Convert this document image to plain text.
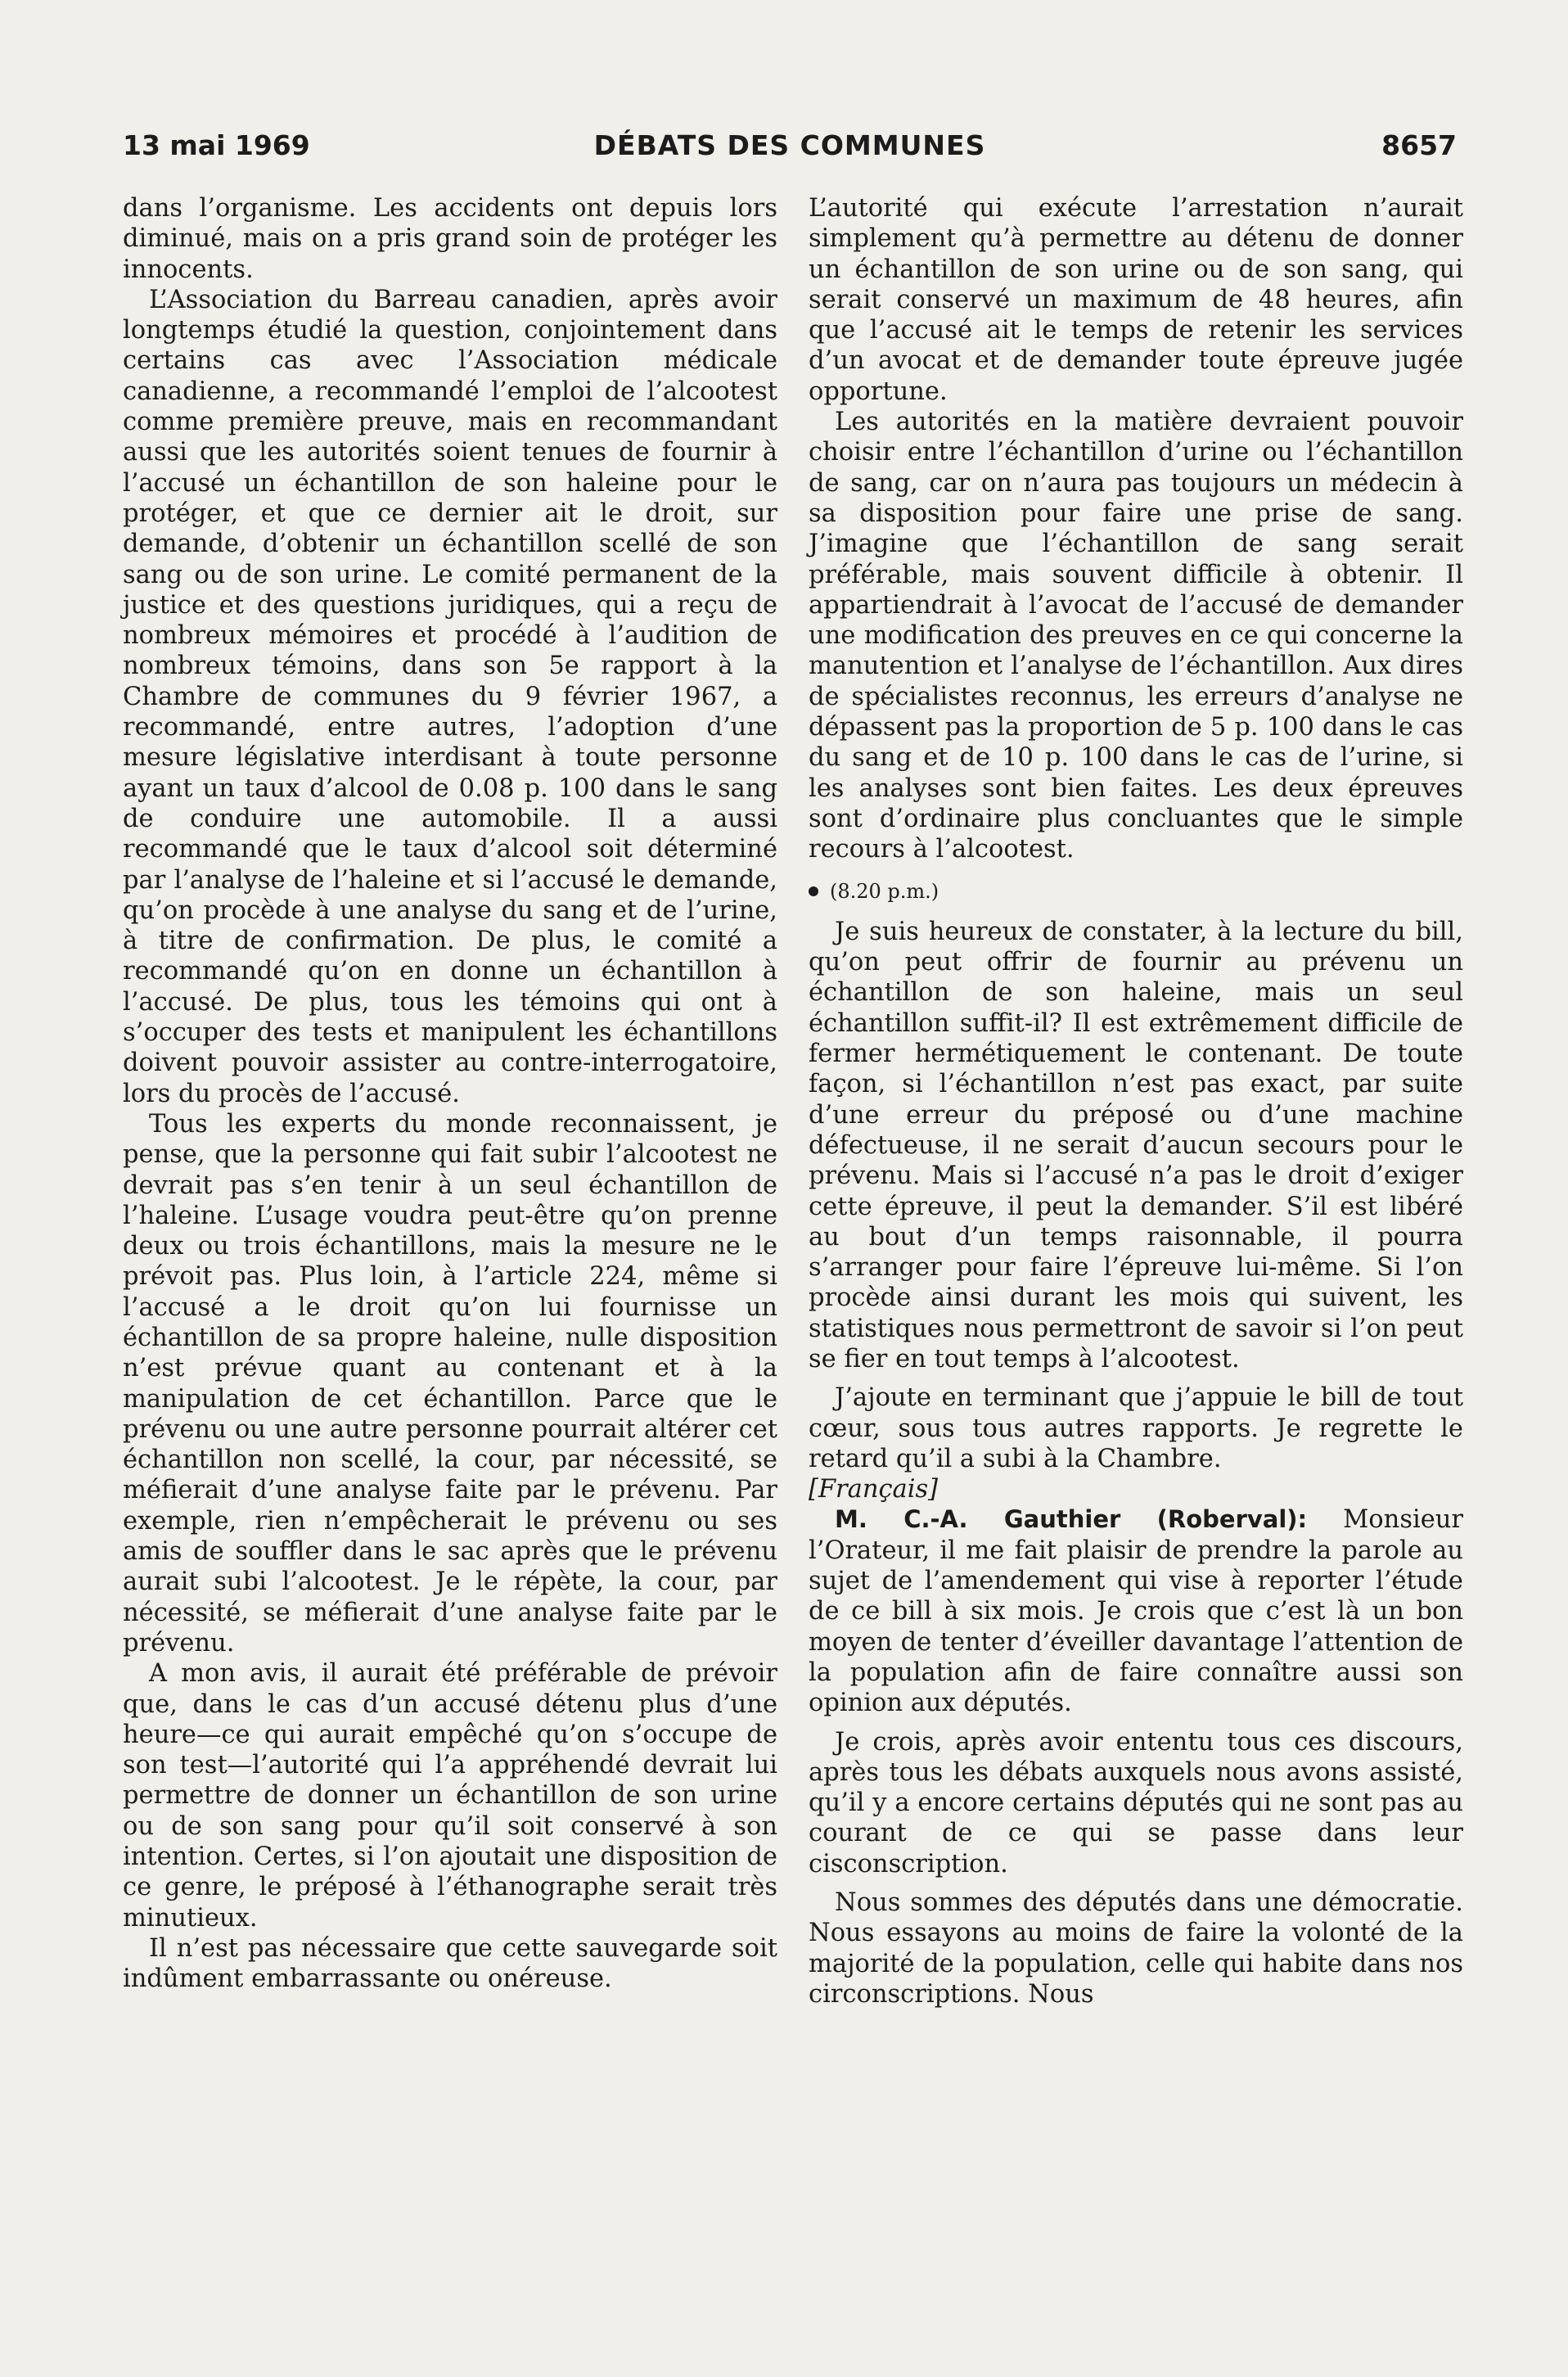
13 mai 1969	DÉBATS DES COMMUNES	8657

dans l’organisme. Les accidents ont depuis lors diminué, mais on a pris grand soin de protéger les innocents.

L’Association du Barreau canadien, après avoir longtemps étudié la question, conjointement dans certains cas avec l’Association médicale canadienne, a recommandé l’emploi de l’alcootest comme première preuve, mais en recommandant aussi que les autorités soient tenues de fournir à l’accusé un échantillon de son haleine pour le protéger, et que ce dernier ait le droit, sur demande, d’obtenir un échantillon scellé de son sang ou de son urine. Le comité permanent de la justice et des questions juridiques, qui a reçu de nombreux mémoires et procédé à l’audition de nombreux témoins, dans son 5e rapport à la Chambre de communes du 9 février 1967, a recommandé, entre autres, l’adoption d’une mesure législative interdisant à toute personne ayant un taux d’alcool de 0.08 p. 100 dans le sang de conduire une automobile. Il a aussi recommandé que le taux d’alcool soit déterminé par l’analyse de l’haleine et si l’accusé le demande, qu’on procède à une analyse du sang et de l’urine, à titre de confirmation. De plus, le comité a recommandé qu’on en donne un échantillon à l’accusé. De plus, tous les témoins qui ont à s’occuper des tests et manipulent les échantillons doivent pouvoir assister au contre-interrogatoire, lors du procès de l’accusé.

Tous les experts du monde reconnaissent, je pense, que la personne qui fait subir l’alcootest ne devrait pas s’en tenir à un seul échantillon de l’haleine. L’usage voudra peut-être qu’on prenne deux ou trois échantillons, mais la mesure ne le prévoit pas. Plus loin, à l’article 224, même si l’accusé a le droit qu’on lui fournisse un échantillon de sa propre haleine, nulle disposition n’est prévue quant au contenant et à la manipulation de cet échantillon. Parce que le prévenu ou une autre personne pourrait altérer cet échantillon non scellé, la cour, par nécessité, se méfierait d’une analyse faite par le prévenu. Par exemple, rien n’empêcherait le prévenu ou ses amis de souffler dans le sac après que le prévenu aurait subi l’alcootest. Je le répète, la cour, par nécessité, se méfierait d’une analyse faite par le prévenu.

A mon avis, il aurait été préférable de prévoir que, dans le cas d’un accusé détenu plus d’une heure—ce qui aurait empêché qu’on s’occupe de son test—l’autorité qui l’a appréhendé devrait lui permettre de donner un échantillon de son urine ou de son sang pour qu’il soit conservé à son intention. Certes, si l’on ajoutait une disposition de ce genre, le préposé à l’éthanographe serait très minutieux.

Il n’est pas nécessaire que cette sauvegarde soit indûment embarrassante ou onéreuse.

L’autorité qui exécute l’arrestation n’aurait simplement qu’à permettre au détenu de donner un échantillon de son urine ou de son sang, qui serait conservé un maximum de 48 heures, afin que l’accusé ait le temps de retenir les services d’un avocat et de demander toute épreuve jugée opportune.

Les autorités en la matière devraient pouvoir choisir entre l’échantillon d’urine ou l’échantillon de sang, car on n’aura pas toujours un médecin à sa disposition pour faire une prise de sang. J’imagine que l’échantillon de sang serait préférable, mais souvent difficile à obtenir. Il appartiendrait à l’avocat de l’accusé de demander une modification des preuves en ce qui concerne la manutention et l’analyse de l’échantillon. Aux dires de spécialistes reconnus, les erreurs d’analyse ne dépassent pas la proportion de 5 p. 100 dans le cas du sang et de 10 p. 100 dans le cas de l’urine, si les analyses sont bien faites. Les deux épreuves sont d’ordinaire plus concluantes que le simple recours à l’alcootest.

(8.20 p.m.)

Je suis heureux de constater, à la lecture du bill, qu’on peut offrir de fournir au prévenu un échantillon de son haleine, mais un seul échantillon suffit-il? Il est extrêmement difficile de fermer hermétiquement le contenant. De toute façon, si l’échantillon n’est pas exact, par suite d’une erreur du préposé ou d’une machine défectueuse, il ne serait d’aucun secours pour le prévenu. Mais si l’accusé n’a pas le droit d’exiger cette épreuve, il peut la demander. S’il est libéré au bout d’un temps raisonnable, il pourra s’arranger pour faire l’épreuve lui-même. Si l’on procède ainsi durant les mois qui suivent, les statistiques nous permettront de savoir si l’on peut se fier en tout temps à l’alcootest.

J’ajoute en terminant que j’appuie le bill de tout cœur, sous tous autres rapports. Je regrette le retard qu’il a subi à la Chambre.

[Français]

M. C.-A. Gauthier (Roberval): Monsieur l’Orateur, il me fait plaisir de prendre la parole au sujet de l’amendement qui vise à reporter l’étude de ce bill à six mois. Je crois que c’est là un bon moyen de tenter d’éveiller davantage l’attention de la population afin de faire connaître aussi son opinion aux députés.

Je crois, après avoir ententu tous ces discours, après tous les débats auxquels nous avons assisté, qu’il y a encore certains députés qui ne sont pas au courant de ce qui se passe dans leur cisconscription.

Nous sommes des députés dans une démocratie. Nous essayons au moins de faire la volonté de la majorité de la population, celle qui habite dans nos circonscriptions. Nous
